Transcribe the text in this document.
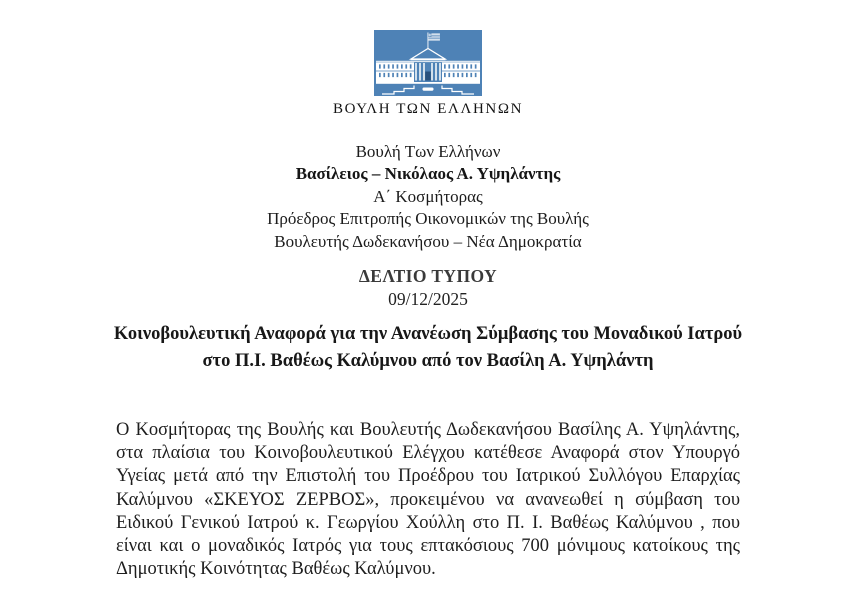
ΒΟΥΛΗ ΤΩΝ ΕΛΛΗΝΩΝ
Βουλή Των Ελλήνων
Βασίλειος – Νικόλαος Α. Υψηλάντης
Α΄ Κοσμήτορας
Πρόεδρος Επιτροπής Οικονομικών της Βουλής
Βουλευτής Δωδεκανήσου – Νέα Δημοκρατία
ΔΕΛΤΙΟ ΤΥΠΟΥ
09/12/2025
Κοινοβουλευτική Αναφορά για την Ανανέωση Σύμβασης του Μοναδικού Ιατρού στο Π.Ι. Βαθέως Καλύμνου από τον Βασίλη Α. Υψηλάντη
Ο Κοσμήτορας της Βουλής και Βουλευτής Δωδεκανήσου Βασίλης Α. Υψηλάντης, στα πλαίσια του Κοινοβουλευτικού Ελέγχου κατέθεσε Αναφορά στον Υπουργό Υγείας μετά από την Επιστολή του Προέδρου του Ιατρικού Συλλόγου Επαρχίας Καλύμνου «ΣΚΕΥΟΣ ΖΕΡΒΟΣ», προκειμένου να ανανεωθεί η σύμβαση του Ειδικού Γενικού Ιατρού κ. Γεωργίου Χούλλη στο Π. Ι. Βαθέως Καλύμνου , που είναι και ο μοναδικός Ιατρός για τους επτακόσιους 700 μόνιμους κατοίκους της Δημοτικής Κοινότητας Βαθέως Καλύμνου.
